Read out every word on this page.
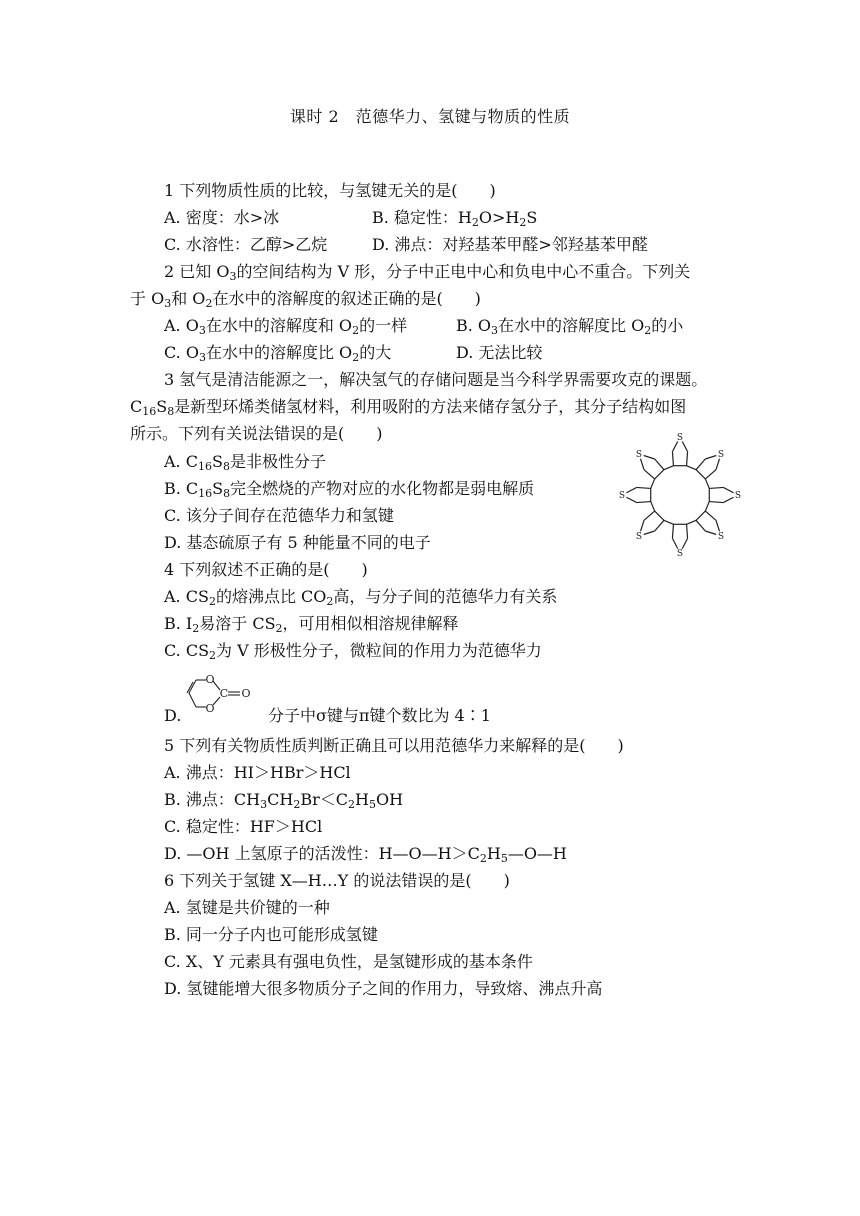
课时 2　范德华力、氢键与物质的性质
1 下列物质性质的比较，与氢键无关的是(　　)
A. 密度：水>冰	B. 稳定性：$H_2O>H_2S$
C. 水溶性：乙醇>乙烷	D. 沸点：对羟基苯甲醛>邻羟基苯甲醛
2 已知 $O_3$的空间结构为 V 形，分子中正电中心和负电中心不重合。下列关
于 $O_3$和 $O_2$在水中的溶解度的叙述正确的是(　　)
A. $O_3$在水中的溶解度和 $O_2$的一样	B. $O_3$在水中的溶解度比 $O_2$的小
C. $O_3$在水中的溶解度比 $O_2$的大	D. 无法比较
3 氢气是清洁能源之一，解决氢气的存储问题是当今科学界需要攻克的课题。
$C_{16}S_8$是新型环烯类储氢材料，利用吸附的方法来储存氢分子，其分子结构如图
所示。下列有关说法错误的是(　　)
A. $C_{16}S_8$是非极性分子
B. $C_{16}S_8$完全燃烧的产物对应的水化物都是弱电解质
C. 该分子间存在范德华力和氢键
D. 基态硫原子有 5 种能量不同的电子
S
S
S
S
S
S
S
S
4 下列叙述不正确的是(　　)
A. $CS_2$的熔沸点比 $CO_2$高，与分子间的范德华力有关系
B. $I_2$易溶于 $CS_2$，可用相似相溶规律解释
C. $CS_2$为 V 形极性分子，微粒间的作用力为范德华力
D.
O
O
C O
分子中σ键与π键个数比为 4∶1
5 下列有关物质性质判断正确且可以用范德华力来解释的是(　　)
A. 沸点：HI＞HBr＞HCl
B. 沸点：$CH_3CH_2Br<C_2H_5OH$
C. 稳定性：HF＞HCl
D. —OH 上氢原子的活泼性：$H—O—H>C_2H_5—O—H$
6 下列关于氢键 X—H…Y 的说法错误的是(　　)
A. 氢键是共价键的一种
B. 同一分子内也可能形成氢键
C. X、Y 元素具有强电负性，是氢键形成的基本条件
D. 氢键能增大很多物质分子之间的作用力，导致熔、沸点升高
